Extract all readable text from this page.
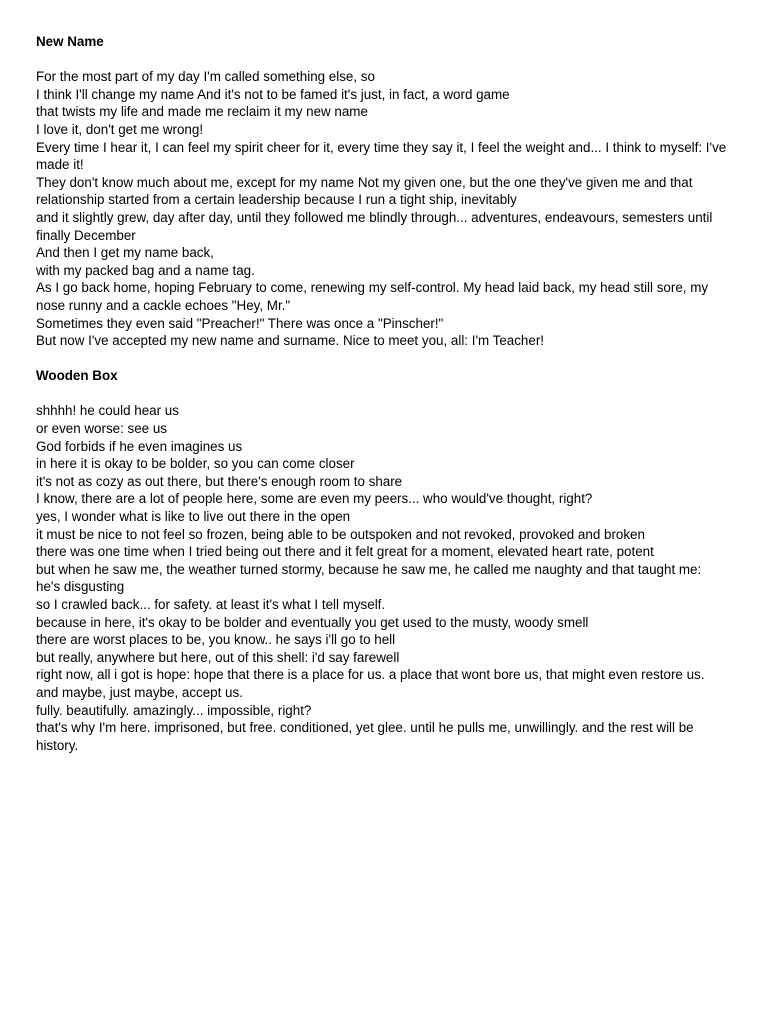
New Name

For the most part of my day I'm called something else, so
I think I'll change my name And it's not to be famed it's just, in fact, a word game
that twists my life and made me reclaim it my new name
I love it, don't get me wrong!
Every time I hear it, I can feel my spirit cheer for it, every time they say it, I feel the weight and... I think to myself: I've made it!
They don't know much about me, except for my name Not my given one, but the one they've given me and that relationship started from a certain leadership because I run a tight ship, inevitably
and it slightly grew, day after day, until they followed me blindly through... adventures, endeavours, semesters until finally December
And then I get my name back,
with my packed bag and a name tag.
As I go back home, hoping February to come, renewing my self-control. My head laid back, my head still sore, my nose runny and a cackle echoes "Hey, Mr."
Sometimes they even said "Preacher!" There was once a "Pinscher!"
But now I've accepted my new name and surname. Nice to meet you, all: I'm Teacher!

Wooden Box

shhhh! he could hear us
or even worse: see us
God forbids if he even imagines us
in here it is okay to be bolder, so you can come closer
it's not as cozy as out there, but there's enough room to share
I know, there are a lot of people here, some are even my peers... who would've thought, right?
yes, I wonder what is like to live out there in the open
it must be nice to not feel so frozen, being able to be outspoken and not revoked, provoked and broken
there was one time when I tried being out there and it felt great for a moment, elevated heart rate, potent
but when he saw me, the weather turned stormy, because he saw me, he called me naughty and that taught me: he's disgusting
so I crawled back... for safety. at least it's what I tell myself.
because in here, it's okay to be bolder and eventually you get used to the musty, woody smell
there are worst places to be, you know.. he says i'll go to hell
but really, anywhere but here, out of this shell: i'd say farewell
right now, all i got is hope: hope that there is a place for us. a place that wont bore us, that might even restore us. and maybe, just maybe, accept us.
fully. beautifully. amazingly... impossible, right?
that's why I'm here. imprisoned, but free. conditioned, yet glee. until he pulls me, unwillingly. and the rest will be history.
